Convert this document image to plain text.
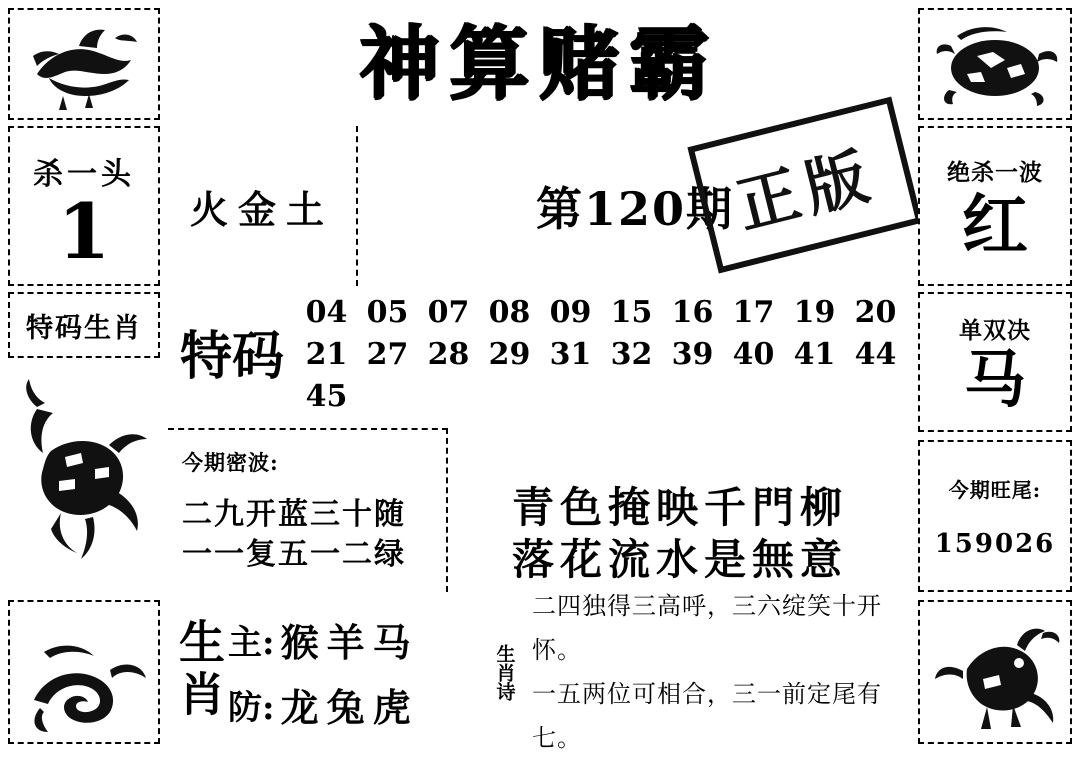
神算赌霸
杀一头
1
特码生肖
火金土	第120期
正版
特码
04 05 07 08 09 15 16 17 19 20
21 27 28 29 31 32 39 40 41 44
45
绝杀一波
红
单双决
马
今期旺尾:
159026
今期密波:
二九开蓝三十随
一一复五一二绿
青色掩映千門柳
落花流水是無意
生肖 主: 猴羊马
防: 龙兔虎
生肖诗
二四独得三高呼，三六绽笑十开怀。
一五两位可相合，三一前定尾有七。
